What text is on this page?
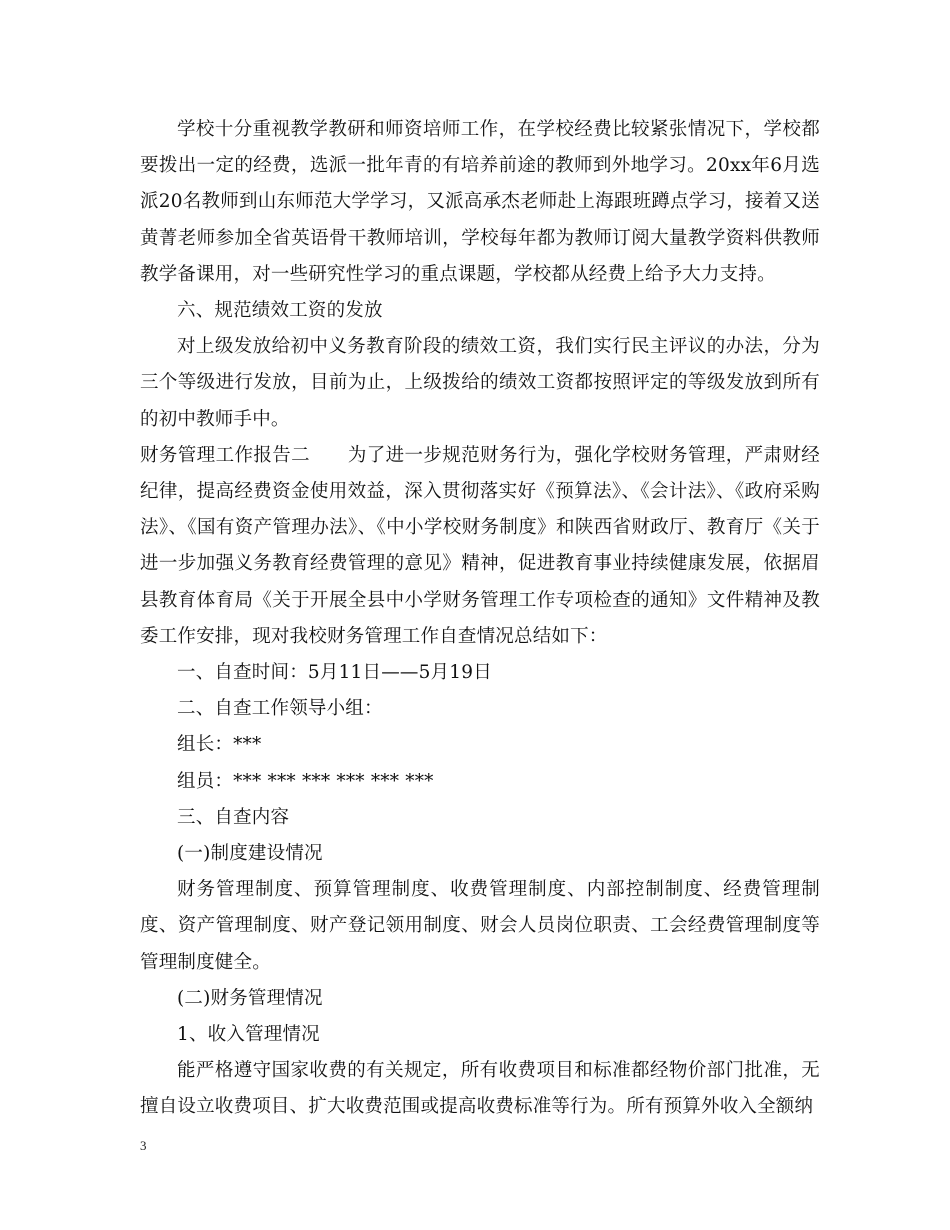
学校十分重视教学教研和师资培师工作，在学校经费比较紧张情况下，学校都要拨出一定的经费，选派一批年青的有培养前途的教师到外地学习。20xx年6月选派20名教师到山东师范大学学习，又派高承杰老师赴上海跟班蹲点学习，接着又送黄菁老师参加全省英语骨干教师培训，学校每年都为教师订阅大量教学资料供教师教学备课用，对一些研究性学习的重点课题，学校都从经费上给予大力支持。

六、规范绩效工资的发放

对上级发放给初中义务教育阶段的绩效工资，我们实行民主评议的办法，分为三个等级进行发放，目前为止，上级拨给的绩效工资都按照评定的等级发放到所有的初中教师手中。

财务管理工作报告二　　为了进一步规范财务行为，强化学校财务管理，严肃财经纪律，提高经费资金使用效益，深入贯彻落实好《预算法》、《会计法》、《政府采购法》、《国有资产管理办法》、《中小学校财务制度》和陕西省财政厅、教育厅《关于进一步加强义务教育经费管理的意见》精神，促进教育事业持续健康发展，依据眉县教育体育局《关于开展全县中小学财务管理工作专项检查的通知》文件精神及教委工作安排，现对我校财务管理工作自查情况总结如下：

一、自查时间：5月11日——5月19日

二、自查工作领导小组：

组长：***

组员：*** *** *** *** *** ***

三、自查内容

(一)制度建设情况

财务管理制度、预算管理制度、收费管理制度、内部控制制度、经费管理制度、资产管理制度、财产登记领用制度、财会人员岗位职责、工会经费管理制度等管理制度健全。

(二)财务管理情况

1、收入管理情况

能严格遵守国家收费的有关规定，所有收费项目和标准都经物价部门批准，无擅自设立收费项目、扩大收费范围或提高收费标准等行为。所有预算外收入全额纳

3
